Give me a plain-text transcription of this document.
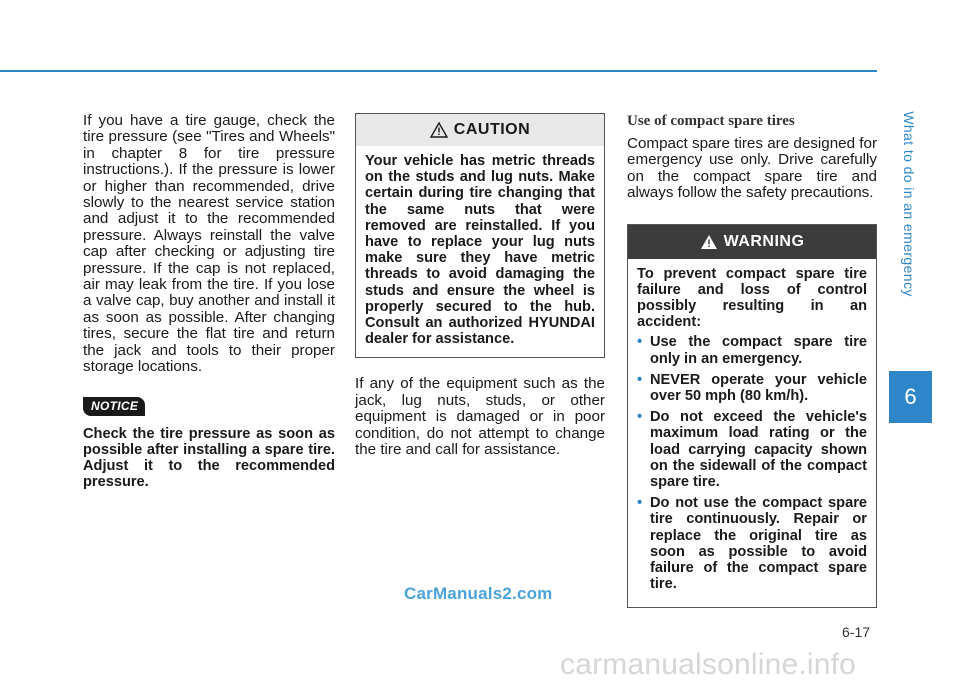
If you have a tire gauge, check the tire pressure (see "Tires and Wheels" in chapter 8 for tire pressure instructions.). If the pressure is lower or higher than recommended, drive slowly to the nearest service station and adjust it to the recommended pressure. Always reinstall the valve cap after checking or adjusting tire pressure. If the cap is not replaced, air may leak from the tire. If you lose a valve cap, buy another and install it as soon as possible. After changing tires, secure the flat tire and return the jack and tools to their proper storage locations.

NOTICE

Check the tire pressure as soon as possible after installing a spare tire. Adjust it to the recommended pressure.

CAUTION

Your vehicle has metric threads on the studs and lug nuts. Make certain during tire changing that the same nuts that were removed are reinstalled. If you have to replace your lug nuts make sure they have metric threads to avoid damaging the studs and ensure the wheel is properly secured to the hub. Consult an authorized HYUNDAI dealer for assistance.

If any of the equipment such as the jack, lug nuts, studs, or other equipment is damaged or in poor condition, do not attempt to change the tire and call for assistance.

Use of compact spare tires

Compact spare tires are designed for emergency use only. Drive carefully on the compact spare tire and always follow the safety precautions.

WARNING

To prevent compact spare tire failure and loss of control possibly resulting in an accident:

• Use the compact spare tire only in an emergency.
• NEVER operate your vehicle over 50 mph (80 km/h).
• Do not exceed the vehicle's maximum load rating or the load carrying capacity shown on the sidewall of the compact spare tire.
• Do not use the compact spare tire continuously. Repair or replace the original tire as soon as possible to avoid failure of the compact spare tire.
What to do in an emergency
6
6-17
CarManuals2.com
carmanualsonline.info
